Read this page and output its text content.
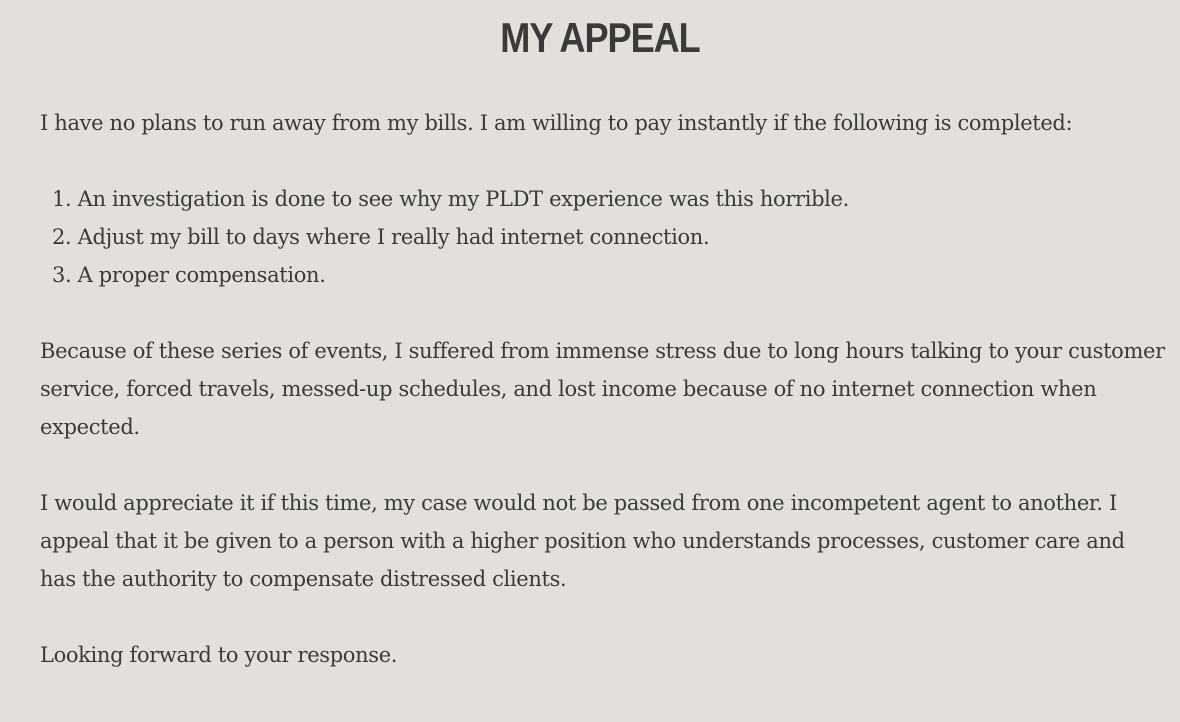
MY APPEAL

I have no plans to run away from my bills. I am willing to pay instantly if the following is completed:

1. An investigation is done to see why my PLDT experience was this horrible.
2. Adjust my bill to days where I really had internet connection.
3. A proper compensation.

Because of these series of events, I suffered from immense stress due to long hours talking to your customer service, forced travels, messed-up schedules, and lost income because of no internet connection when expected.

I would appreciate it if this time, my case would not be passed from one incompetent agent to another. I appeal that it be given to a person with a higher position who understands processes, customer care and has the authority to compensate distressed clients.

Looking forward to your response.
